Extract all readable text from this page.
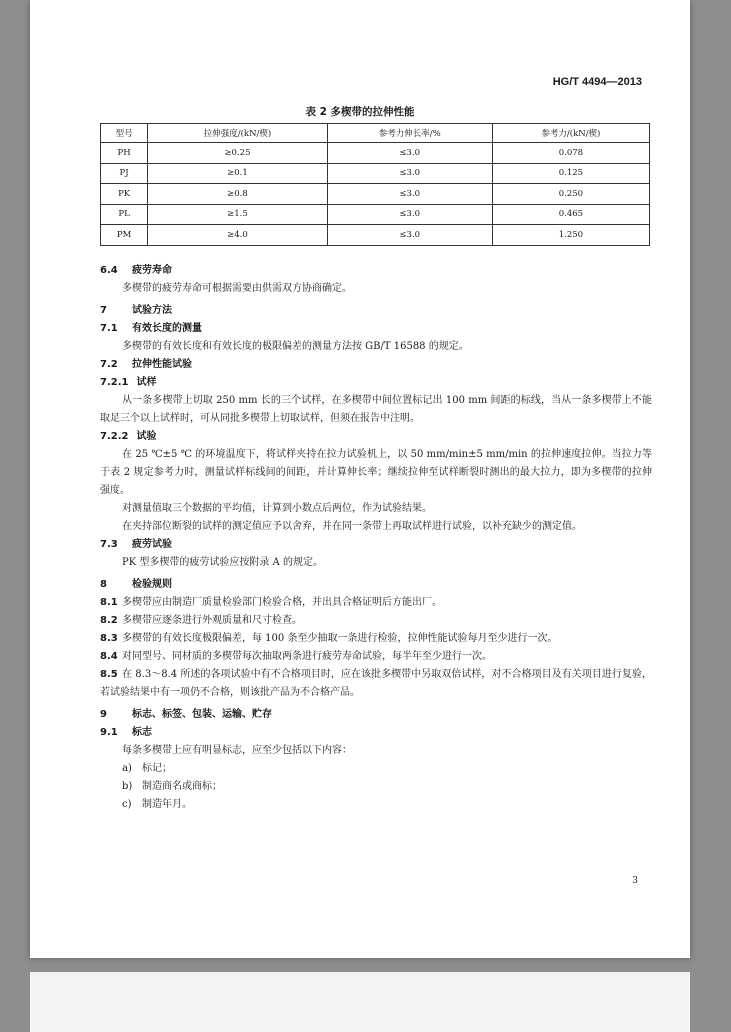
HG/T 4494—2013
表 2 多楔带的拉伸性能
型号	拉伸强度/(kN/楔)	参考力伸长率/%	参考力/(kN/楔)
PH	≥0.25	≤3.0	0.078
PJ	≥0.1	≤3.0	0.125
PK	≥0.8	≤3.0	0.250
PL	≥1.5	≤3.0	0.465
PM	≥4.0	≤3.0	1.250

6.4 疲劳寿命

多楔带的疲劳寿命可根据需要由供需双方协商确定。

7	试验方法

7.1 有效长度的测量

多楔带的有效长度和有效长度的极限偏差的测量方法按 GB/T 16588 的规定。

7.2 拉伸性能试验

7.2.1 试样

从一条多楔带上切取 250 mm 长的三个试样，在多楔带中间位置标记出 100 mm 间距的标线，当从一条多楔带上不能取足三个以上试样时，可从同批多楔带上切取试样，但须在报告中注明。

7.2.2 试验

在 25 ℃±5 ℃ 的环境温度下，将试样夹持在拉力试验机上，以 50 mm/min±5 mm/min 的拉伸速度拉伸。当拉力等于表 2 规定参考力时，测量试样标线间的间距，并计算伸长率；继续拉伸至试样断裂时测出的最大拉力，即为多楔带的拉伸强度。

对测量值取三个数据的平均值，计算到小数点后两位，作为试验结果。

在夹持部位断裂的试样的测定值应予以舍弃，并在同一条带上再取试样进行试验，以补充缺少的测定值。

7.3 疲劳试验

PK 型多楔带的疲劳试验应按附录 A 的规定。

8	检验规则

8.1 多楔带应由制造厂质量检验部门检验合格，并出具合格证明后方能出厂。

8.2 多楔带应逐条进行外观质量和尺寸检查。

8.3 多楔带的有效长度极限偏差，每 100 条至少抽取一条进行检验，拉伸性能试验每月至少进行一次。

8.4 对同型号、同材质的多楔带每次抽取两条进行疲劳寿命试验，每半年至少进行一次。

8.5 在 8.3～8.4 所述的各项试验中有不合格项目时，应在该批多楔带中另取双倍试样，对不合格项目及有关项目进行复验，若试验结果中有一项仍不合格，则该批产品为不合格产品。

9	标志、标签、包装、运输、贮存

9.1 标志

每条多楔带上应有明显标志，应至少包括以下内容：

a) 标记；

b) 制造商名或商标；

c) 制造年月。

3
